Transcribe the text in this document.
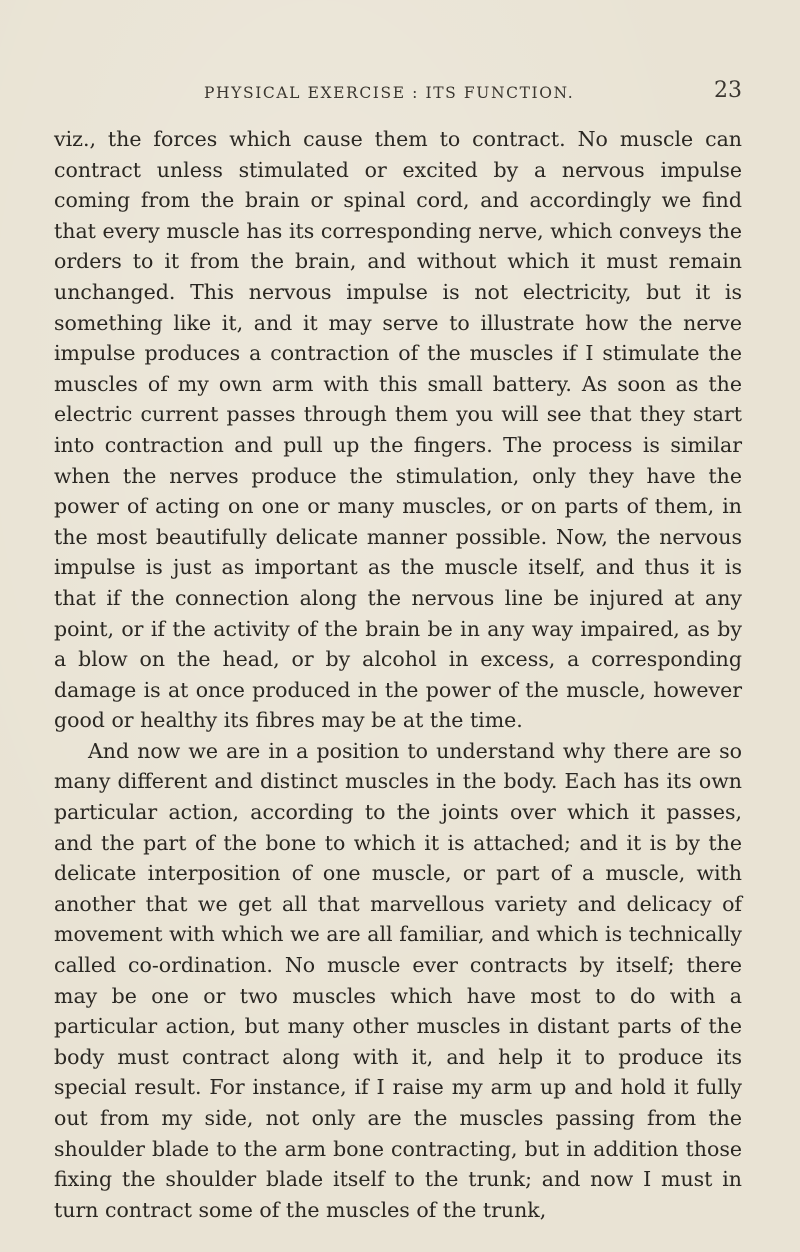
PHYSICAL EXERCISE : ITS FUNCTION.	23

viz., the forces which cause them to contract. No muscle can contract unless stimulated or excited by a nervous impulse coming from the brain or spinal cord, and accordingly we find that every muscle has its corresponding nerve, which conveys the orders to it from the brain, and without which it must remain unchanged. This nervous impulse is not electricity, but it is something like it, and it may serve to illustrate how the nerve impulse produces a contraction of the muscles if I stimulate the muscles of my own arm with this small battery. As soon as the electric current passes through them you will see that they start into contraction and pull up the fingers. The process is similar when the nerves produce the stimulation, only they have the power of acting on one or many muscles, or on parts of them, in the most beautifully delicate manner possible. Now, the nervous impulse is just as important as the muscle itself, and thus it is that if the connection along the nervous line be injured at any point, or if the activity of the brain be in any way impaired, as by a blow on the head, or by alcohol in excess, a corresponding damage is at once produced in the power of the muscle, however good or healthy its fibres may be at the time.

And now we are in a position to understand why there are so many different and distinct muscles in the body. Each has its own particular action, according to the joints over which it passes, and the part of the bone to which it is attached; and it is by the delicate interposition of one muscle, or part of a muscle, with another that we get all that marvellous variety and delicacy of movement with which we are all familiar, and which is technically called co-ordination. No muscle ever contracts by itself; there may be one or two muscles which have most to do with a particular action, but many other muscles in distant parts of the body must contract along with it, and help it to produce its special result. For instance, if I raise my arm up and hold it fully out from my side, not only are the muscles passing from the shoulder blade to the arm bone contracting, but in addition those fixing the shoulder blade itself to the trunk; and now I must in turn contract some of the muscles of the trunk,
